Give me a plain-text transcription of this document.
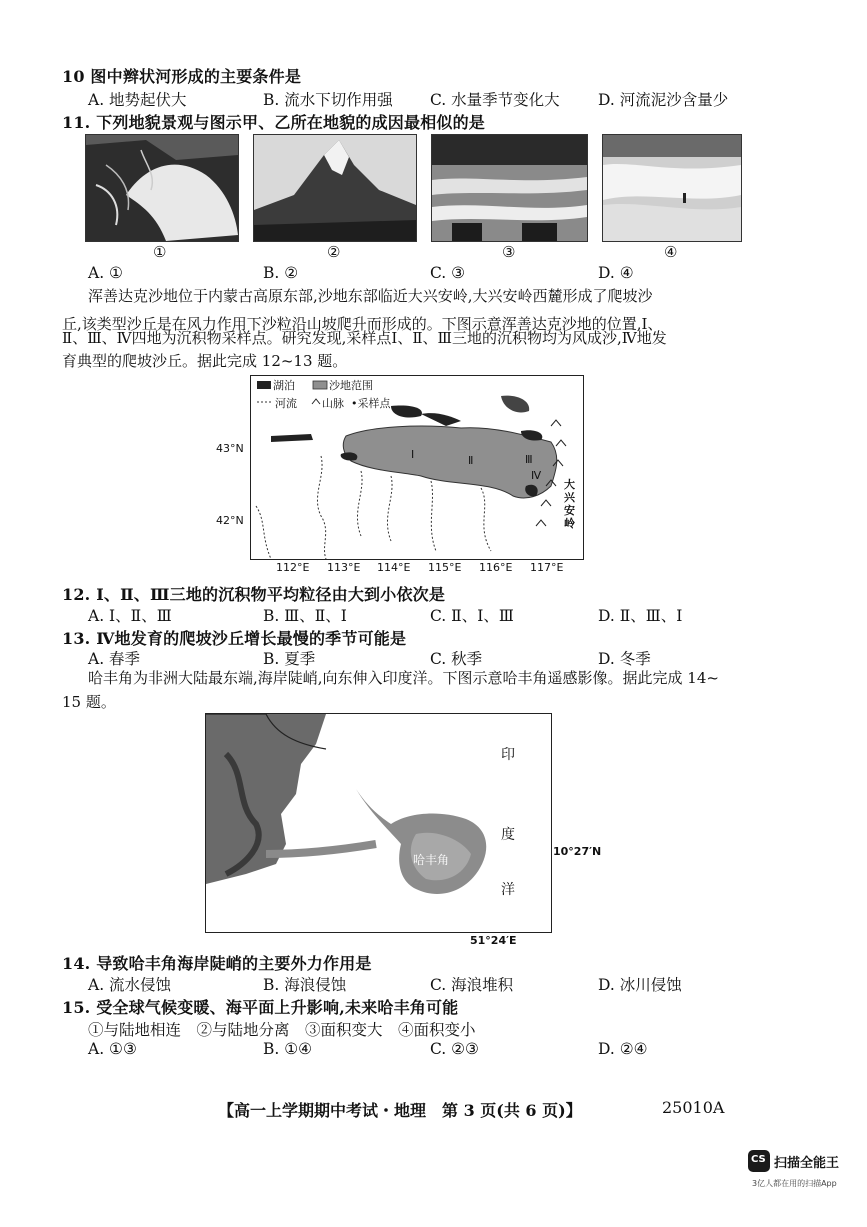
10 图中辫状河形成的主要条件是
A. 地势起伏大	B. 流水下切作用强 C. 水量季节变化大 D. 河流泥沙含量少
11. 下列地貌景观与图示甲、乙所在地貌的成因最相似的是
①	②	③	④
A. ①	B. ②	C. ③	D. ④
浑善达克沙地位于内蒙古高原东部,沙地东部临近大兴安岭,大兴安岭西麓形成了爬坡沙
丘,该类型沙丘是在风力作用下沙粒沿山坡爬升而形成的。下图示意浑善达克沙地的位置,Ⅰ、
Ⅱ、Ⅲ、Ⅳ四地为沉积物采样点。研究发现,采样点Ⅰ、Ⅱ、Ⅲ三地的沉积物均为风成沙,Ⅳ地发
育典型的爬坡沙丘。据此完成 12~13 题。
湖泊	沙地范围
河流 山脉 •采样点
Ⅰ	Ⅱ	Ⅲ
Ⅳ
大
兴
安
岭
43°N
42°N
112°E 113°E 114°E 115°E 116°E 117°E
12. Ⅰ、Ⅱ、Ⅲ三地的沉积物平均粒径由大到小依次是
A. Ⅰ、Ⅱ、Ⅲ	B. Ⅲ、Ⅱ、Ⅰ	C. Ⅱ、Ⅰ、Ⅲ	D. Ⅱ、Ⅲ、Ⅰ
13. Ⅳ地发育的爬坡沙丘增长最慢的季节可能是
A. 春季	B. 夏季	C. 秋季	D. 冬季
哈丰角为非洲大陆最东端,海岸陡峭,向东伸入印度洋。下图示意哈丰角遥感影像。据此完成 14~
15 题。
印
度
洋
哈丰角
10°27′N
51°24′E
14. 导致哈丰角海岸陡峭的主要外力作用是
A. 流水侵蚀	B. 海浪侵蚀	C. 海浪堆积	D. 冰川侵蚀
15. 受全球气候变暖、海平面上升影响,未来哈丰角可能
①与陆地相连　②与陆地分离　③面积变大　④面积变小
A. ①③	B. ①④	C. ②③	D. ②④
【高一上学期期中考试・地理　第 3 页(共 6 页)】	25010A
CS 扫描全能王
3亿人都在用的扫描App
